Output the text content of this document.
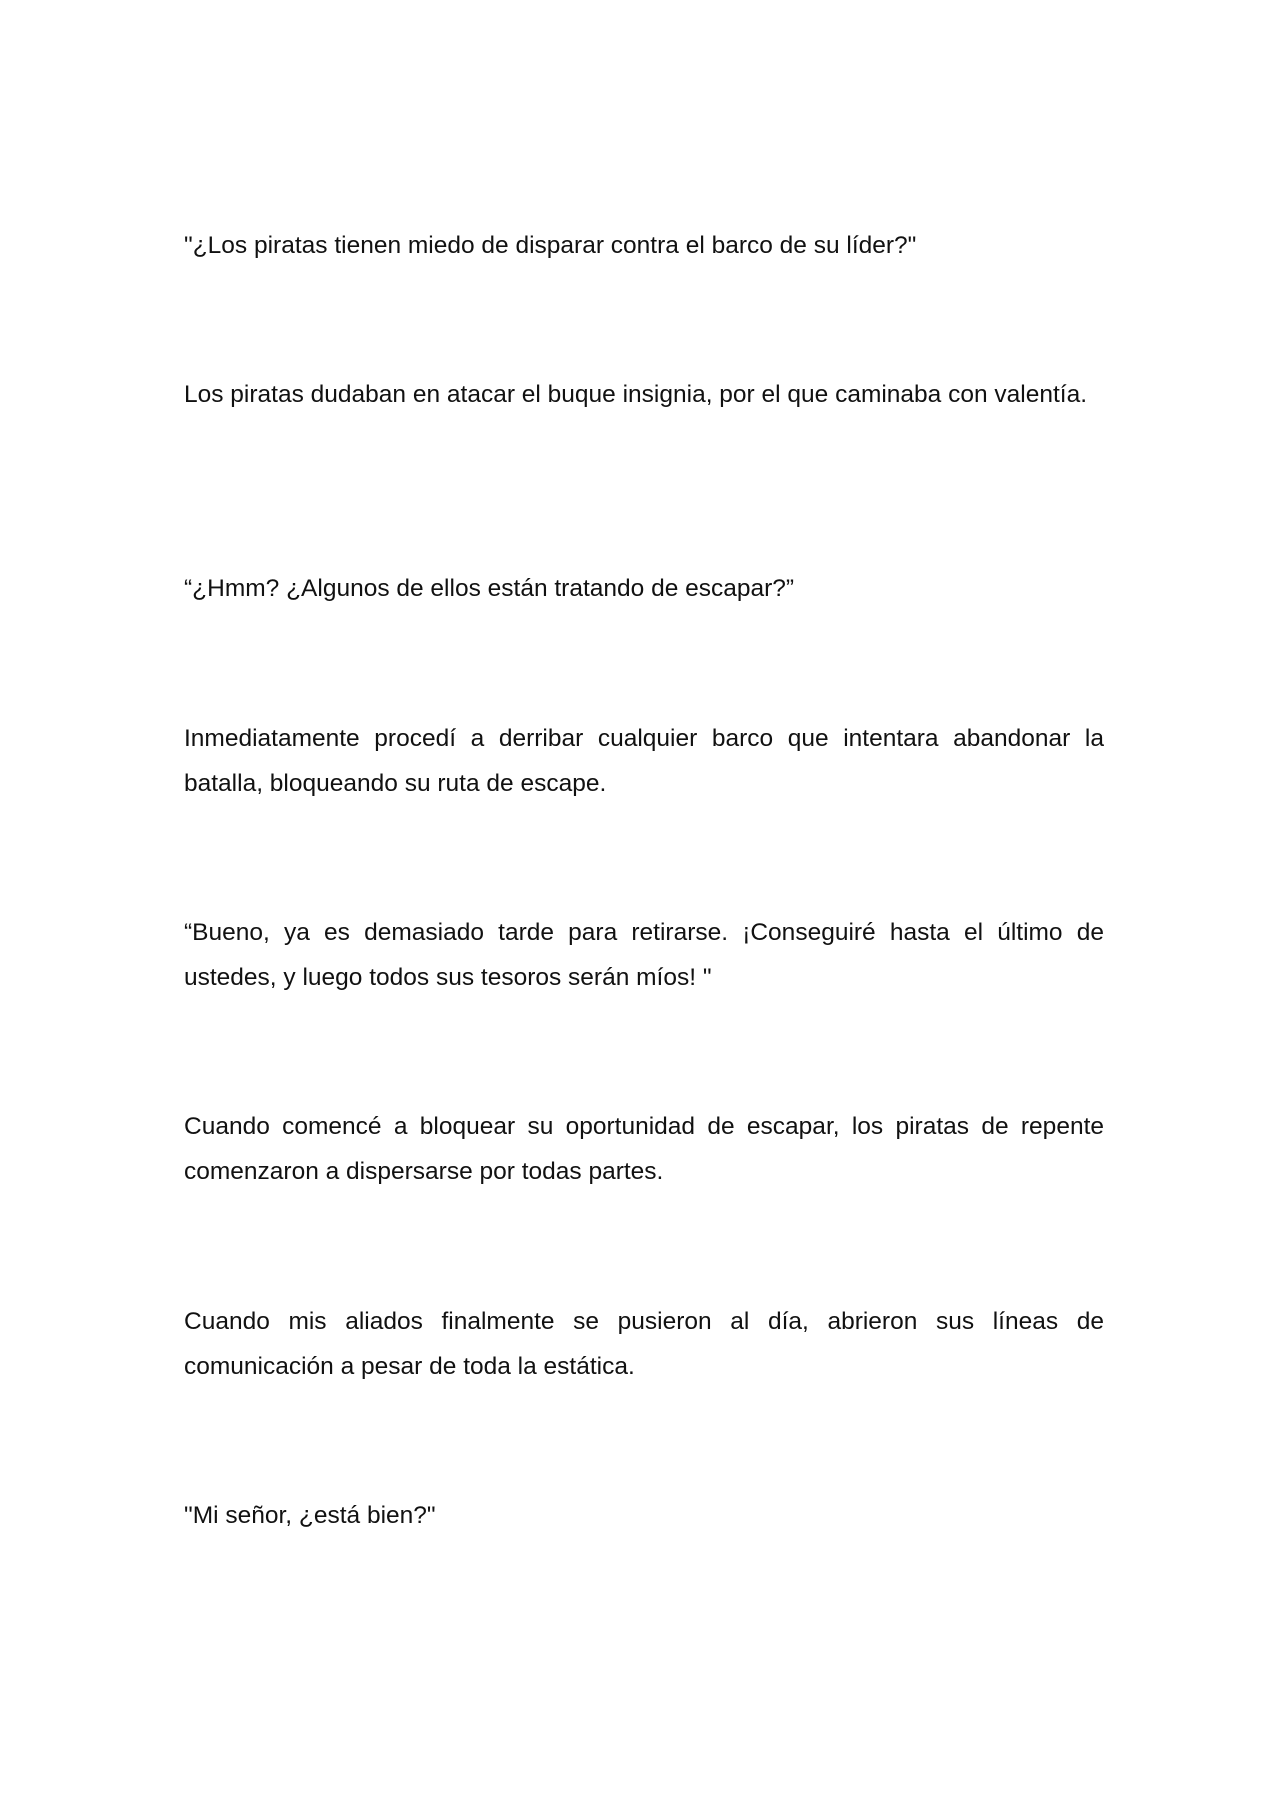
"¿Los piratas tienen miedo de disparar contra el barco de su líder?"

Los piratas dudaban en atacar el buque insignia, por el que caminaba con valentía.

“¿Hmm? ¿Algunos de ellos están tratando de escapar?”

Inmediatamente procedí a derribar cualquier barco que intentara abandonar la batalla, bloqueando su ruta de escape.

“Bueno, ya es demasiado tarde para retirarse. ¡Conseguiré hasta el último de ustedes, y luego todos sus tesoros serán míos! "

Cuando comencé a bloquear su oportunidad de escapar, los piratas de repente comenzaron a dispersarse por todas partes.

Cuando mis aliados finalmente se pusieron al día, abrieron sus líneas de comunicación a pesar de toda la estática.

"Mi señor, ¿está bien?"
